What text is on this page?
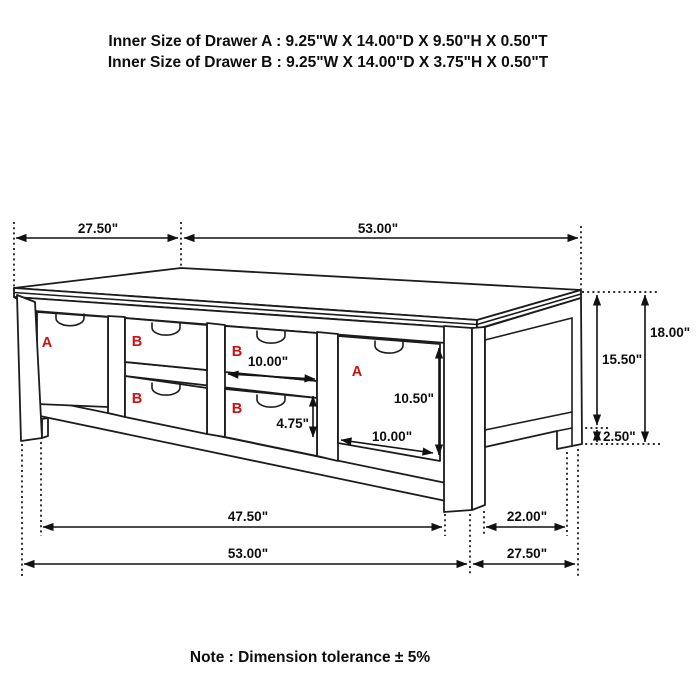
Inner Size of Drawer A : 9.25"W X 14.00"D X 9.50"H X 0.50"T
Inner Size of Drawer B : 9.25"W X 14.00"D X 3.75"H X 0.50"T
A	B
B
B
B
A
27.50"	53.00"
18.00"
15.50"
2.50"
10.00"
4.75"
10.50"
10.00"
47.50"	22.00"
53.00"	27.50"
Note : Dimension tolerance ± 5%
